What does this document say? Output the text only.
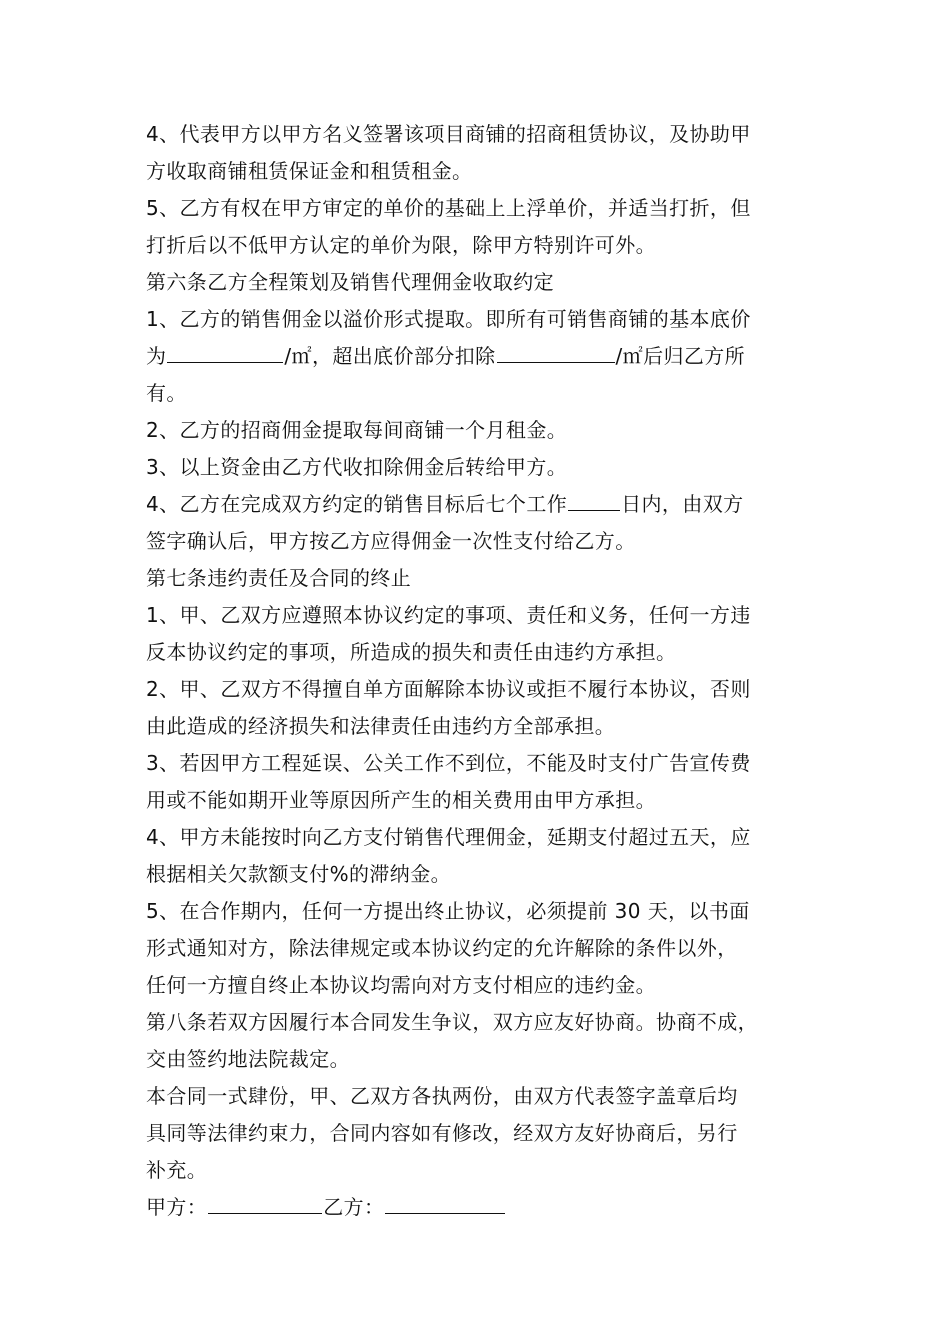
4、代表甲方以甲方名义签署该项目商铺的招商租赁协议，及协助甲
方收取商铺租赁保证金和租赁租金。
5、乙方有权在甲方审定的单价的基础上上浮单价，并适当打折，但
打折后以不低甲方认定的单价为限，除甲方特别许可外。
第六条乙方全程策划及销售代理佣金收取约定
1、乙方的销售佣金以溢价形式提取。即所有可销售商铺的基本底价
为	/㎡，超出底价部分扣除	/㎡后归乙方所
有。
2、乙方的招商佣金提取每间商铺一个月租金。
3、以上资金由乙方代收扣除佣金后转给甲方。
4、乙方在完成双方约定的销售目标后七个工作	日内，由双方
签字确认后，甲方按乙方应得佣金一次性支付给乙方。
第七条违约责任及合同的终止
1、甲、乙双方应遵照本协议约定的事项、责任和义务，任何一方违
反本协议约定的事项，所造成的损失和责任由违约方承担。
2、甲、乙双方不得擅自单方面解除本协议或拒不履行本协议，否则
由此造成的经济损失和法律责任由违约方全部承担。
3、若因甲方工程延误、公关工作不到位，不能及时支付广告宣传费
用或不能如期开业等原因所产生的相关费用由甲方承担。
4、甲方未能按时向乙方支付销售代理佣金，延期支付超过五天，应
根据相关欠款额支付%的滞纳金。
5、在合作期内，任何一方提出终止协议，必须提前 30 天，以书面
形式通知对方，除法律规定或本协议约定的允许解除的条件以外，
任何一方擅自终止本协议均需向对方支付相应的违约金。
第八条若双方因履行本合同发生争议，双方应友好协商。协商不成，
交由签约地法院裁定。
本合同一式肆份，甲、乙双方各执两份，由双方代表签字盖章后均
具同等法律约束力，合同内容如有修改，经双方友好协商后，另行
补充。
甲方：	乙方：
